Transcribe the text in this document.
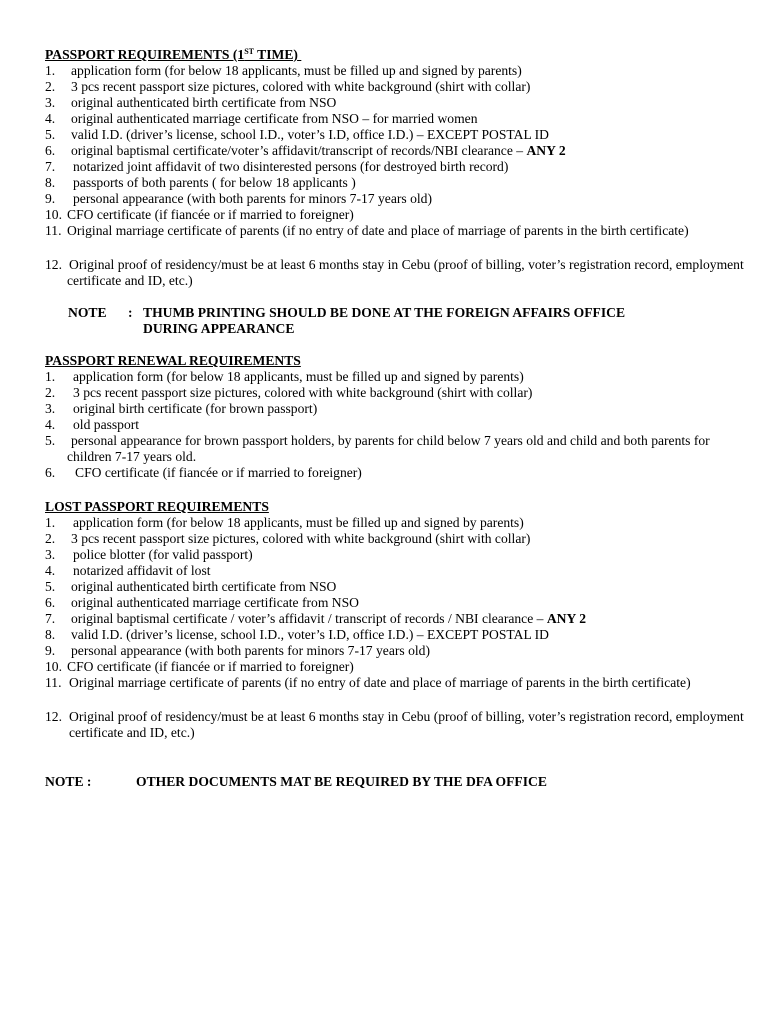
PASSPORT REQUIREMENTS (1ST TIME)
1.	application form (for below 18 applicants, must be filled up and signed by parents)
2.	3 pcs recent passport size pictures, colored with white background (shirt with collar)
3.	original authenticated birth certificate from NSO
4.	original authenticated marriage certificate from NSO – for married women
5.	valid I.D. (driver’s license, school I.D., voter’s I.D, office I.D.) – EXCEPT POSTAL ID
6.	original baptismal certificate/voter’s affidavit/transcript of records/NBI clearance – ANY 2
7.	notarized joint affidavit of two disinterested persons (for destroyed birth record)
8.	passports of both parents ( for below 18 applicants )
9.	personal appearance (with both parents for minors 7-17 years old)
10. CFO certificate (if fiancée or if married to foreigner)
11. Original marriage certificate of parents (if no entry of date and place of marriage of parents in the birth certificate)
12. Original proof of residency/must be at least 6 months stay in Cebu (proof of billing, voter’s registration record, employment certificate and ID, etc.)
NOTE : THUMB PRINTING SHOULD BE DONE AT THE FOREIGN AFFAIRS OFFICE DURING APPEARANCE
PASSPORT RENEWAL REQUIREMENTS
1.	application form (for below 18 applicants, must be filled up and signed by parents)
2.	3 pcs recent passport size pictures, colored with white background (shirt with collar)
3.	original birth certificate (for brown passport)
4.	old passport
5.	personal appearance for brown passport holders, by parents for child below 7 years old and child and both parents for children 7-17 years old.
6.	CFO certificate (if fiancée or if married to foreigner)
LOST PASSPORT REQUIREMENTS
1.	application form (for below 18 applicants, must be filled up and signed by parents)
2.	3 pcs recent passport size pictures, colored with white background (shirt with collar)
3.	police blotter (for valid passport)
4.	notarized affidavit of lost
5.	original authenticated birth certificate from NSO
6.	original authenticated marriage certificate from NSO
7.	original baptismal certificate / voter’s affidavit / transcript of records / NBI clearance – ANY 2
8.	valid I.D. (driver’s license, school I.D., voter’s I.D, office I.D.) – EXCEPT POSTAL ID
9.	personal appearance (with both parents for minors 7-17 years old)
10. CFO certificate (if fiancée or if married to foreigner)
11. Original marriage certificate of parents (if no entry of date and place of marriage of parents in the birth certificate)
12. Original proof of residency/must be at least 6 months stay in Cebu (proof of billing, voter’s registration record, employment certificate and ID, etc.)
NOTE :	OTHER DOCUMENTS MAT BE REQUIRED BY THE DFA OFFICE
